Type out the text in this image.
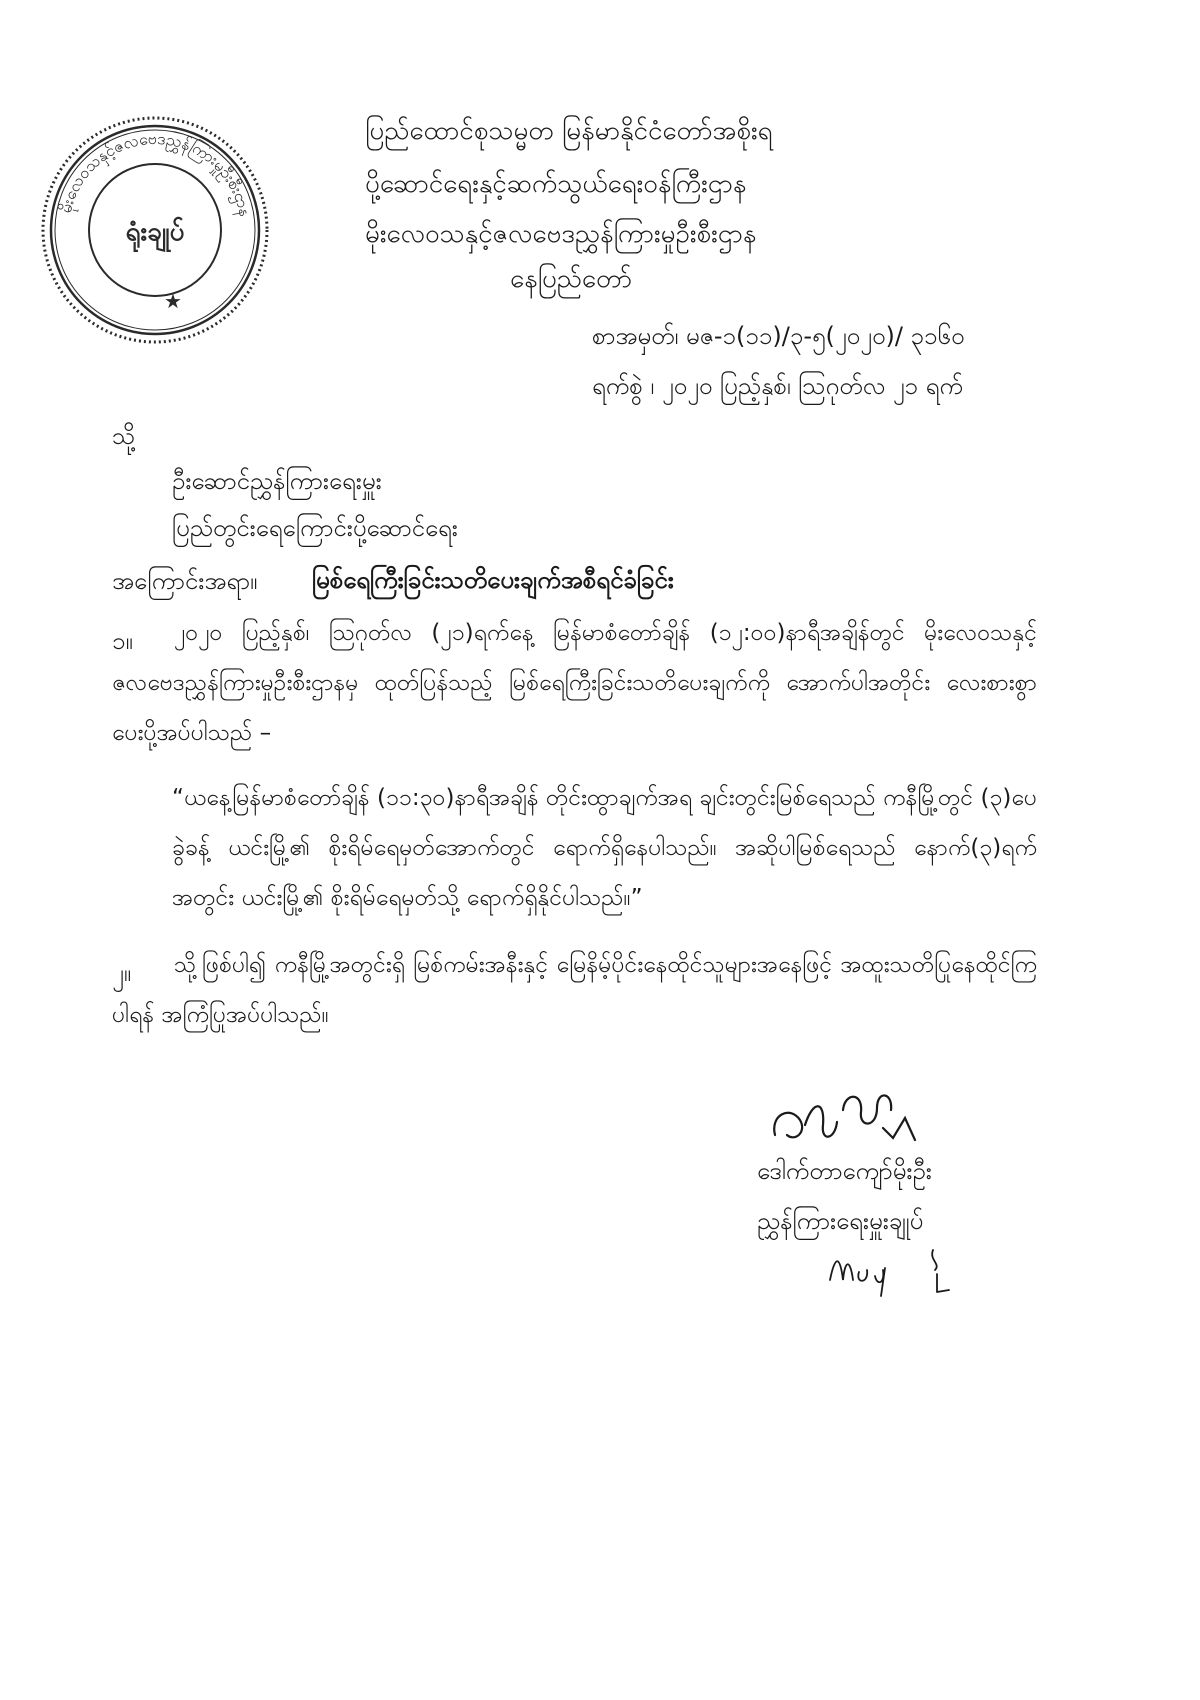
မိုးလေဝသနှင့်ဇလဗေဒညွှန်ကြားမှုဦးစီးဌာန
ရုံးချုပ်
★
ပြည်ထောင်စုသမ္မတ မြန်မာနိုင်ငံတော်အစိုးရ
ပို့ဆောင်ရေးနှင့်ဆက်သွယ်ရေးဝန်ကြီးဌာန
မိုးလေဝသနှင့်ဇလဗေဒညွှန်ကြားမှုဦးစီးဌာန
နေပြည်တော်
စာအမှတ်၊ မဇ-၁(၁၁)/၃-၅(၂၀၂၀)/ ၃၁၆၀
ရက်စွဲ ၊ ၂၀၂၀ ပြည့်နှစ်၊ ဩဂုတ်လ ၂၁ ရက်
သို့
ဦးဆောင်ညွှန်ကြားရေးမှူး
ပြည်တွင်းရေကြောင်းပို့ဆောင်ရေး
အကြောင်းအရာ။ မြစ်ရေကြီးခြင်းသတိပေးချက်အစီရင်ခံခြင်း
၁။	၂၀၂၀ ပြည့်နှစ်၊ ဩဂုတ်လ (၂၁)ရက်နေ့ မြန်မာစံတော်ချိန် (၁၂:၀၀)နာရီအချိန်တွင် မိုးလေဝသနှင့်ဇလဗေဒညွှန်ကြားမှုဦးစီးဌာနမှ ထုတ်ပြန်သည့် မြစ်ရေကြီးခြင်းသတိပေးချက်ကို အောက်ပါအတိုင်း လေးစားစွာ ပေးပို့အပ်ပါသည် –
“ယနေ့မြန်မာစံတော်ချိန် (၁၁:၃၀)နာရီအချိန် တိုင်းထွာချက်အရ ချင်းတွင်းမြစ်ရေသည် ကနီမြို့တွင် (၃)ပေခွဲခန့် ယင်းမြို့၏ စိုးရိမ်ရေမှတ်အောက်တွင် ရောက်ရှိနေပါသည်။ အဆိုပါမြစ်ရေသည် နောက်(၃)ရက်အတွင်း ယင်းမြို့၏ စိုးရိမ်ရေမှတ်သို့ ရောက်ရှိနိုင်ပါသည်။”
၂။	သို့ဖြစ်ပါ၍ ကနီမြို့အတွင်းရှိ မြစ်ကမ်းအနီးနှင့် မြေနိမ့်ပိုင်းနေထိုင်သူများအနေဖြင့် အထူးသတိပြုနေထိုင်ကြပါရန် အကြံပြုအပ်ပါသည်။
ဒေါက်တာကျော်မိုးဦး
ညွှန်ကြားရေးမှူးချုပ်
